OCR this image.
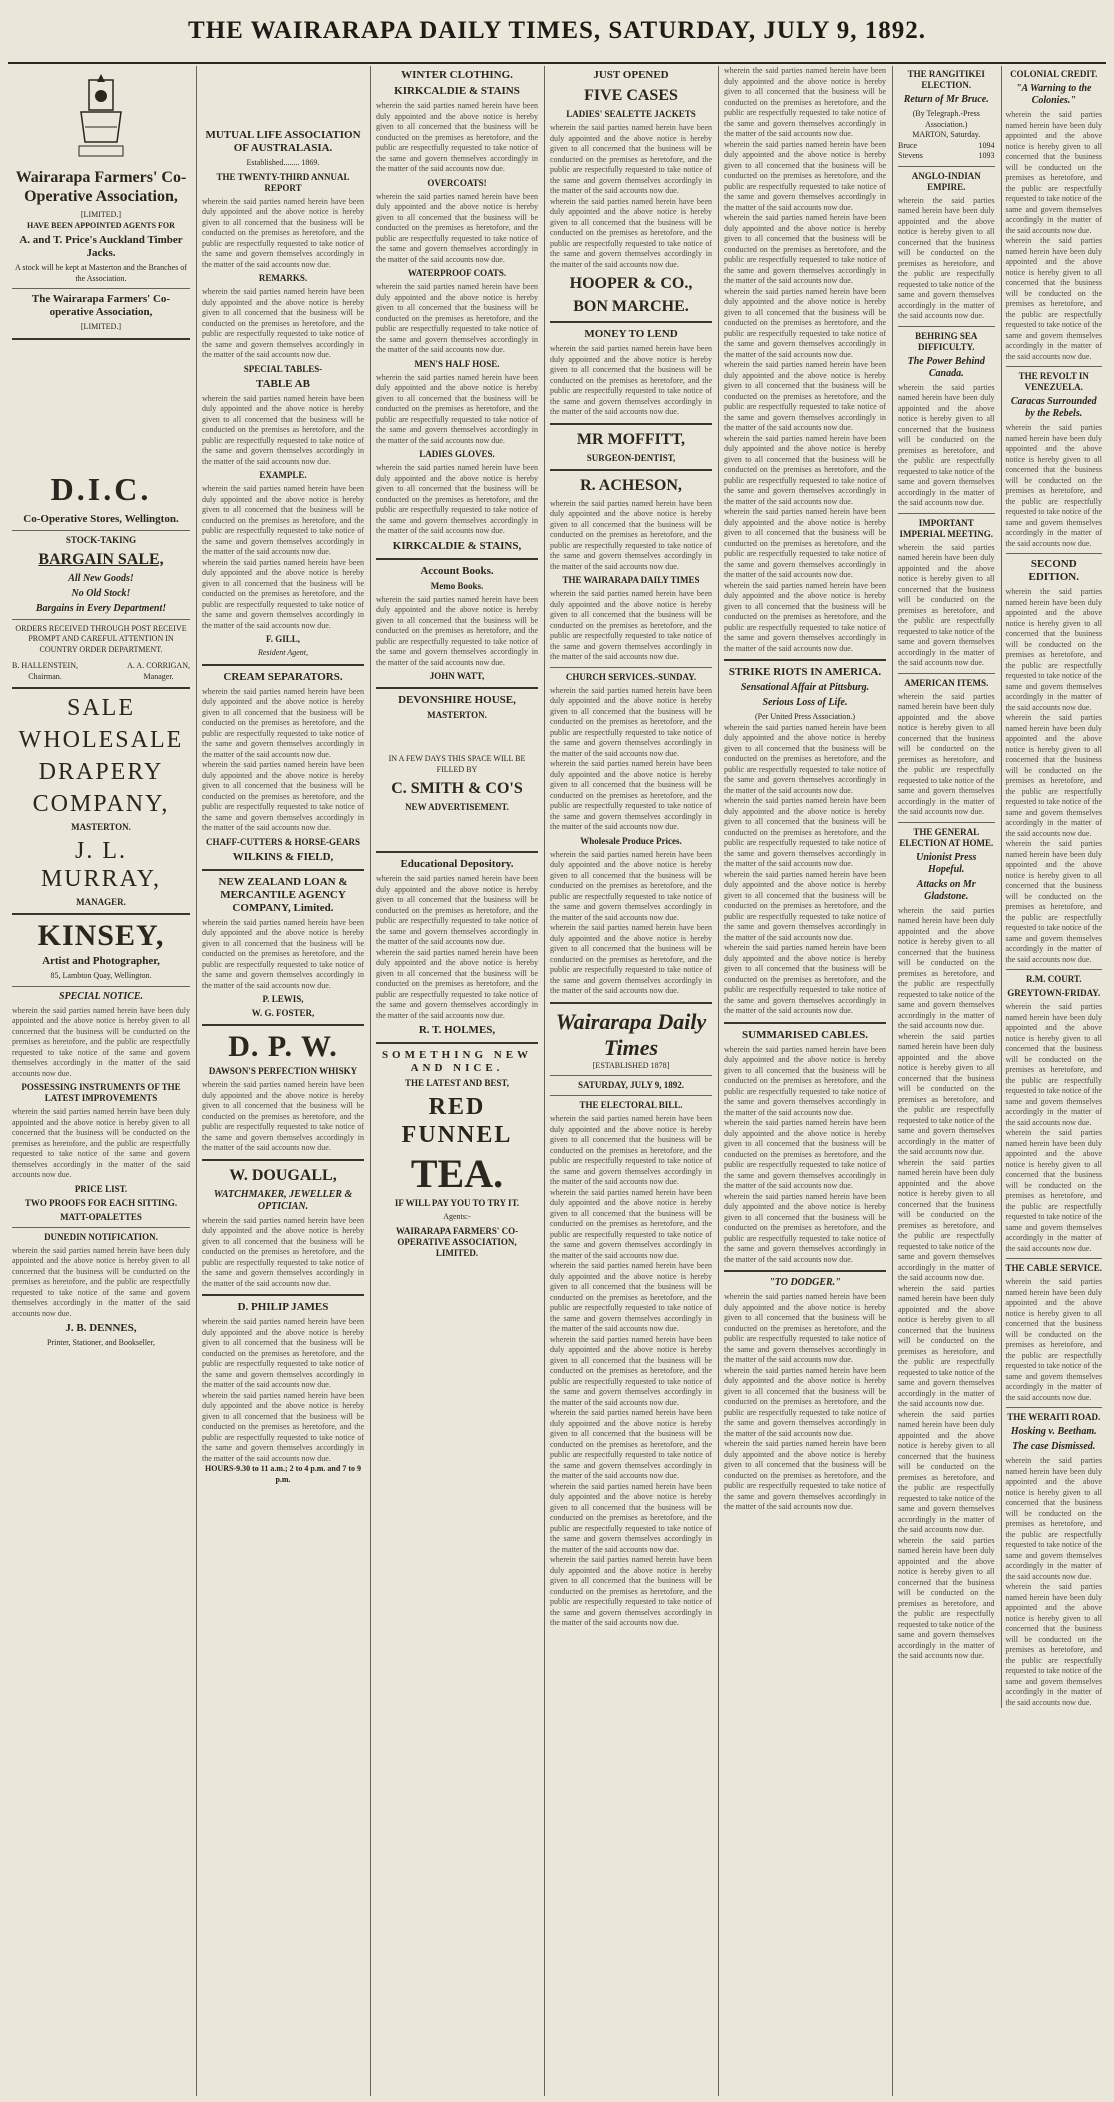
THE WAIRARAPA DAILY TIMES, SATURDAY, JULY 9, 1892.
Wairarapa Farmers' Co-Operative Association,
[LIMITED.]
HAVE BEEN APPOINTED AGENTS FOR
A. and T. Price's Auckland Timber Jacks.
A stock will be kept at Masterton and the Branches of the Association.
The Wairarapa Farmers' Co-operative Association,
[LIMITED.]
D.I.C.
Co-Operative Stores, Wellington.
STOCK-TAKING
BARGAIN SALE,
All New Goods!
No Old Stock!
Bargains in Every Department!
ORDERS RECEIVED THROUGH POST RECEIVE PROMPT AND CAREFUL ATTENTION IN COUNTRY ORDER DEPARTMENT.
B. HALLENSTEIN,
Chairman.
A. A. CORRIGAN,
Manager.
SALE
WHOLESALE
DRAPERY
COMPANY,
MASTERTON.
J. L. MURRAY,
MANAGER.
KINSEY,
Artist and Photographer,
85, Lambton Quay, Wellington.
SPECIAL NOTICE.
wherein the said parties named herein have been duly appointed and the above notice is hereby given to all concerned that the business will be conducted on the premises as heretofore, and the public are respectfully requested to take notice of the same and govern themselves accordingly in the matter of the said accounts now due.
POSSESSING INSTRUMENTS OF THE LATEST IMPROVEMENTS
wherein the said parties named herein have been duly appointed and the above notice is hereby given to all concerned that the business will be conducted on the premises as heretofore, and the public are respectfully requested to take notice of the same and govern themselves accordingly in the matter of the said accounts now due.
PRICE LIST.
TWO PROOFS FOR EACH SITTING.
MATT-OPALETTES
DUNEDIN NOTIFICATION.
wherein the said parties named herein have been duly appointed and the above notice is hereby given to all concerned that the business will be conducted on the premises as heretofore, and the public are respectfully requested to take notice of the same and govern themselves accordingly in the matter of the said accounts now due.
J. B. DENNES,
Printer, Stationer, and Bookseller,
MUTUAL LIFE ASSOCIATION OF AUSTRALASIA.
Established........ 1869.
THE TWENTY-THIRD ANNUAL REPORT
wherein the said parties named herein have been duly appointed and the above notice is hereby given to all concerned that the business will be conducted on the premises as heretofore, and the public are respectfully requested to take notice of the same and govern themselves accordingly in the matter of the said accounts now due.
REMARKS.
wherein the said parties named herein have been duly appointed and the above notice is hereby given to all concerned that the business will be conducted on the premises as heretofore, and the public are respectfully requested to take notice of the same and govern themselves accordingly in the matter of the said accounts now due.
SPECIAL TABLES-
TABLE AB
wherein the said parties named herein have been duly appointed and the above notice is hereby given to all concerned that the business will be conducted on the premises as heretofore, and the public are respectfully requested to take notice of the same and govern themselves accordingly in the matter of the said accounts now due.
EXAMPLE.
wherein the said parties named herein have been duly appointed and the above notice is hereby given to all concerned that the business will be conducted on the premises as heretofore, and the public are respectfully requested to take notice of the same and govern themselves accordingly in the matter of the said accounts now due.
wherein the said parties named herein have been duly appointed and the above notice is hereby given to all concerned that the business will be conducted on the premises as heretofore, and the public are respectfully requested to take notice of the same and govern themselves accordingly in the matter of the said accounts now due.
F. GILL,
Resident Agent,
CREAM SEPARATORS.
wherein the said parties named herein have been duly appointed and the above notice is hereby given to all concerned that the business will be conducted on the premises as heretofore, and the public are respectfully requested to take notice of the same and govern themselves accordingly in the matter of the said accounts now due.
wherein the said parties named herein have been duly appointed and the above notice is hereby given to all concerned that the business will be conducted on the premises as heretofore, and the public are respectfully requested to take notice of the same and govern themselves accordingly in the matter of the said accounts now due.
CHAFF-CUTTERS & HORSE-GEARS
WILKINS & FIELD,
NEW ZEALAND LOAN & MERCANTILE AGENCY COMPANY, Limited.
wherein the said parties named herein have been duly appointed and the above notice is hereby given to all concerned that the business will be conducted on the premises as heretofore, and the public are respectfully requested to take notice of the same and govern themselves accordingly in the matter of the said accounts now due.
P. LEWIS,
W. G. FOSTER,
D. P. W.
DAWSON'S PERFECTION WHISKY
wherein the said parties named herein have been duly appointed and the above notice is hereby given to all concerned that the business will be conducted on the premises as heretofore, and the public are respectfully requested to take notice of the same and govern themselves accordingly in the matter of the said accounts now due.
W. DOUGALL,
WATCHMAKER, JEWELLER & OPTICIAN.
wherein the said parties named herein have been duly appointed and the above notice is hereby given to all concerned that the business will be conducted on the premises as heretofore, and the public are respectfully requested to take notice of the same and govern themselves accordingly in the matter of the said accounts now due.
D. PHILIP JAMES
wherein the said parties named herein have been duly appointed and the above notice is hereby given to all concerned that the business will be conducted on the premises as heretofore, and the public are respectfully requested to take notice of the same and govern themselves accordingly in the matter of the said accounts now due.
wherein the said parties named herein have been duly appointed and the above notice is hereby given to all concerned that the business will be conducted on the premises as heretofore, and the public are respectfully requested to take notice of the same and govern themselves accordingly in the matter of the said accounts now due.
HOURS-9.30 to 11 a.m.; 2 to 4 p.m. and 7 to 9 p.m.
WINTER CLOTHING.
KIRKCALDIE & STAINS
wherein the said parties named herein have been duly appointed and the above notice is hereby given to all concerned that the business will be conducted on the premises as heretofore, and the public are respectfully requested to take notice of the same and govern themselves accordingly in the matter of the said accounts now due.
OVERCOATS!
wherein the said parties named herein have been duly appointed and the above notice is hereby given to all concerned that the business will be conducted on the premises as heretofore, and the public are respectfully requested to take notice of the same and govern themselves accordingly in the matter of the said accounts now due.
WATERPROOF COATS.
wherein the said parties named herein have been duly appointed and the above notice is hereby given to all concerned that the business will be conducted on the premises as heretofore, and the public are respectfully requested to take notice of the same and govern themselves accordingly in the matter of the said accounts now due.
MEN'S HALF HOSE.
wherein the said parties named herein have been duly appointed and the above notice is hereby given to all concerned that the business will be conducted on the premises as heretofore, and the public are respectfully requested to take notice of the same and govern themselves accordingly in the matter of the said accounts now due.
LADIES GLOVES.
wherein the said parties named herein have been duly appointed and the above notice is hereby given to all concerned that the business will be conducted on the premises as heretofore, and the public are respectfully requested to take notice of the same and govern themselves accordingly in the matter of the said accounts now due.
KIRKCALDIE & STAINS,
Account Books.
Memo Books.
wherein the said parties named herein have been duly appointed and the above notice is hereby given to all concerned that the business will be conducted on the premises as heretofore, and the public are respectfully requested to take notice of the same and govern themselves accordingly in the matter of the said accounts now due.
JOHN WATT,
DEVONSHIRE HOUSE,
MASTERTON.
IN A FEW DAYS THIS SPACE WILL BE FILLED BY
C. SMITH & CO'S
NEW ADVERTISEMENT.
Educational Depository.
wherein the said parties named herein have been duly appointed and the above notice is hereby given to all concerned that the business will be conducted on the premises as heretofore, and the public are respectfully requested to take notice of the same and govern themselves accordingly in the matter of the said accounts now due.
wherein the said parties named herein have been duly appointed and the above notice is hereby given to all concerned that the business will be conducted on the premises as heretofore, and the public are respectfully requested to take notice of the same and govern themselves accordingly in the matter of the said accounts now due.
R. T. HOLMES,
SOMETHING NEW AND NICE.
THE LATEST AND BEST,
RED FUNNEL
TEA.
IF WILL PAY YOU TO TRY IT.
Agents:-
WAIRARAPA FARMERS' CO-OPERATIVE ASSOCIATION, LIMITED.
JUST OPENED
FIVE CASES
LADIES' SEALETTE JACKETS
wherein the said parties named herein have been duly appointed and the above notice is hereby given to all concerned that the business will be conducted on the premises as heretofore, and the public are respectfully requested to take notice of the same and govern themselves accordingly in the matter of the said accounts now due.
wherein the said parties named herein have been duly appointed and the above notice is hereby given to all concerned that the business will be conducted on the premises as heretofore, and the public are respectfully requested to take notice of the same and govern themselves accordingly in the matter of the said accounts now due.
HOOPER & CO.,
BON MARCHE.
MONEY TO LEND
wherein the said parties named herein have been duly appointed and the above notice is hereby given to all concerned that the business will be conducted on the premises as heretofore, and the public are respectfully requested to take notice of the same and govern themselves accordingly in the matter of the said accounts now due.
MR MOFFITT,
SURGEON-DENTIST,
R. ACHESON,
wherein the said parties named herein have been duly appointed and the above notice is hereby given to all concerned that the business will be conducted on the premises as heretofore, and the public are respectfully requested to take notice of the same and govern themselves accordingly in the matter of the said accounts now due.
THE WAIRARAPA DAILY TIMES
wherein the said parties named herein have been duly appointed and the above notice is hereby given to all concerned that the business will be conducted on the premises as heretofore, and the public are respectfully requested to take notice of the same and govern themselves accordingly in the matter of the said accounts now due.
CHURCH SERVICES.-SUNDAY.
wherein the said parties named herein have been duly appointed and the above notice is hereby given to all concerned that the business will be conducted on the premises as heretofore, and the public are respectfully requested to take notice of the same and govern themselves accordingly in the matter of the said accounts now due.
wherein the said parties named herein have been duly appointed and the above notice is hereby given to all concerned that the business will be conducted on the premises as heretofore, and the public are respectfully requested to take notice of the same and govern themselves accordingly in the matter of the said accounts now due.
Wholesale Produce Prices.
wherein the said parties named herein have been duly appointed and the above notice is hereby given to all concerned that the business will be conducted on the premises as heretofore, and the public are respectfully requested to take notice of the same and govern themselves accordingly in the matter of the said accounts now due.
wherein the said parties named herein have been duly appointed and the above notice is hereby given to all concerned that the business will be conducted on the premises as heretofore, and the public are respectfully requested to take notice of the same and govern themselves accordingly in the matter of the said accounts now due.
Wairarapa Daily Times
[ESTABLISHED 1878]
SATURDAY, JULY 9, 1892.
THE ELECTORAL BILL.
wherein the said parties named herein have been duly appointed and the above notice is hereby given to all concerned that the business will be conducted on the premises as heretofore, and the public are respectfully requested to take notice of the same and govern themselves accordingly in the matter of the said accounts now due.
wherein the said parties named herein have been duly appointed and the above notice is hereby given to all concerned that the business will be conducted on the premises as heretofore, and the public are respectfully requested to take notice of the same and govern themselves accordingly in the matter of the said accounts now due.
wherein the said parties named herein have been duly appointed and the above notice is hereby given to all concerned that the business will be conducted on the premises as heretofore, and the public are respectfully requested to take notice of the same and govern themselves accordingly in the matter of the said accounts now due.
wherein the said parties named herein have been duly appointed and the above notice is hereby given to all concerned that the business will be conducted on the premises as heretofore, and the public are respectfully requested to take notice of the same and govern themselves accordingly in the matter of the said accounts now due.
wherein the said parties named herein have been duly appointed and the above notice is hereby given to all concerned that the business will be conducted on the premises as heretofore, and the public are respectfully requested to take notice of the same and govern themselves accordingly in the matter of the said accounts now due.
wherein the said parties named herein have been duly appointed and the above notice is hereby given to all concerned that the business will be conducted on the premises as heretofore, and the public are respectfully requested to take notice of the same and govern themselves accordingly in the matter of the said accounts now due.
wherein the said parties named herein have been duly appointed and the above notice is hereby given to all concerned that the business will be conducted on the premises as heretofore, and the public are respectfully requested to take notice of the same and govern themselves accordingly in the matter of the said accounts now due.
wherein the said parties named herein have been duly appointed and the above notice is hereby given to all concerned that the business will be conducted on the premises as heretofore, and the public are respectfully requested to take notice of the same and govern themselves accordingly in the matter of the said accounts now due.
wherein the said parties named herein have been duly appointed and the above notice is hereby given to all concerned that the business will be conducted on the premises as heretofore, and the public are respectfully requested to take notice of the same and govern themselves accordingly in the matter of the said accounts now due.
wherein the said parties named herein have been duly appointed and the above notice is hereby given to all concerned that the business will be conducted on the premises as heretofore, and the public are respectfully requested to take notice of the same and govern themselves accordingly in the matter of the said accounts now due.
wherein the said parties named herein have been duly appointed and the above notice is hereby given to all concerned that the business will be conducted on the premises as heretofore, and the public are respectfully requested to take notice of the same and govern themselves accordingly in the matter of the said accounts now due.
wherein the said parties named herein have been duly appointed and the above notice is hereby given to all concerned that the business will be conducted on the premises as heretofore, and the public are respectfully requested to take notice of the same and govern themselves accordingly in the matter of the said accounts now due.
wherein the said parties named herein have been duly appointed and the above notice is hereby given to all concerned that the business will be conducted on the premises as heretofore, and the public are respectfully requested to take notice of the same and govern themselves accordingly in the matter of the said accounts now due.
wherein the said parties named herein have been duly appointed and the above notice is hereby given to all concerned that the business will be conducted on the premises as heretofore, and the public are respectfully requested to take notice of the same and govern themselves accordingly in the matter of the said accounts now due.
wherein the said parties named herein have been duly appointed and the above notice is hereby given to all concerned that the business will be conducted on the premises as heretofore, and the public are respectfully requested to take notice of the same and govern themselves accordingly in the matter of the said accounts now due.
STRIKE RIOTS IN AMERICA.
Sensational Affair at Pittsburg.
Serious Loss of Life.
(Per United Press Association.)
wherein the said parties named herein have been duly appointed and the above notice is hereby given to all concerned that the business will be conducted on the premises as heretofore, and the public are respectfully requested to take notice of the same and govern themselves accordingly in the matter of the said accounts now due.
wherein the said parties named herein have been duly appointed and the above notice is hereby given to all concerned that the business will be conducted on the premises as heretofore, and the public are respectfully requested to take notice of the same and govern themselves accordingly in the matter of the said accounts now due.
wherein the said parties named herein have been duly appointed and the above notice is hereby given to all concerned that the business will be conducted on the premises as heretofore, and the public are respectfully requested to take notice of the same and govern themselves accordingly in the matter of the said accounts now due.
wherein the said parties named herein have been duly appointed and the above notice is hereby given to all concerned that the business will be conducted on the premises as heretofore, and the public are respectfully requested to take notice of the same and govern themselves accordingly in the matter of the said accounts now due.
SUMMARISED CABLES.
wherein the said parties named herein have been duly appointed and the above notice is hereby given to all concerned that the business will be conducted on the premises as heretofore, and the public are respectfully requested to take notice of the same and govern themselves accordingly in the matter of the said accounts now due.
wherein the said parties named herein have been duly appointed and the above notice is hereby given to all concerned that the business will be conducted on the premises as heretofore, and the public are respectfully requested to take notice of the same and govern themselves accordingly in the matter of the said accounts now due.
wherein the said parties named herein have been duly appointed and the above notice is hereby given to all concerned that the business will be conducted on the premises as heretofore, and the public are respectfully requested to take notice of the same and govern themselves accordingly in the matter of the said accounts now due.
"TO DODGER."
wherein the said parties named herein have been duly appointed and the above notice is hereby given to all concerned that the business will be conducted on the premises as heretofore, and the public are respectfully requested to take notice of the same and govern themselves accordingly in the matter of the said accounts now due.
wherein the said parties named herein have been duly appointed and the above notice is hereby given to all concerned that the business will be conducted on the premises as heretofore, and the public are respectfully requested to take notice of the same and govern themselves accordingly in the matter of the said accounts now due.
wherein the said parties named herein have been duly appointed and the above notice is hereby given to all concerned that the business will be conducted on the premises as heretofore, and the public are respectfully requested to take notice of the same and govern themselves accordingly in the matter of the said accounts now due.
THE RANGITIKEI ELECTION.
Return of Mr Bruce.
(By Telegraph.-Press Association.)
MARTON, Saturday.
Bruce	1094
Stevens	1093
ANGLO-INDIAN EMPIRE.
wherein the said parties named herein have been duly appointed and the above notice is hereby given to all concerned that the business will be conducted on the premises as heretofore, and the public are respectfully requested to take notice of the same and govern themselves accordingly in the matter of the said accounts now due.
BEHRING SEA DIFFICULTY.
The Power Behind Canada.
wherein the said parties named herein have been duly appointed and the above notice is hereby given to all concerned that the business will be conducted on the premises as heretofore, and the public are respectfully requested to take notice of the same and govern themselves accordingly in the matter of the said accounts now due.
IMPORTANT IMPERIAL MEETING.
wherein the said parties named herein have been duly appointed and the above notice is hereby given to all concerned that the business will be conducted on the premises as heretofore, and the public are respectfully requested to take notice of the same and govern themselves accordingly in the matter of the said accounts now due.
AMERICAN ITEMS.
wherein the said parties named herein have been duly appointed and the above notice is hereby given to all concerned that the business will be conducted on the premises as heretofore, and the public are respectfully requested to take notice of the same and govern themselves accordingly in the matter of the said accounts now due.
THE GENERAL ELECTION AT HOME.
Unionist Press Hopeful.
Attacks on Mr Gladstone.
wherein the said parties named herein have been duly appointed and the above notice is hereby given to all concerned that the business will be conducted on the premises as heretofore, and the public are respectfully requested to take notice of the same and govern themselves accordingly in the matter of the said accounts now due.
wherein the said parties named herein have been duly appointed and the above notice is hereby given to all concerned that the business will be conducted on the premises as heretofore, and the public are respectfully requested to take notice of the same and govern themselves accordingly in the matter of the said accounts now due.
wherein the said parties named herein have been duly appointed and the above notice is hereby given to all concerned that the business will be conducted on the premises as heretofore, and the public are respectfully requested to take notice of the same and govern themselves accordingly in the matter of the said accounts now due.
wherein the said parties named herein have been duly appointed and the above notice is hereby given to all concerned that the business will be conducted on the premises as heretofore, and the public are respectfully requested to take notice of the same and govern themselves accordingly in the matter of the said accounts now due.
wherein the said parties named herein have been duly appointed and the above notice is hereby given to all concerned that the business will be conducted on the premises as heretofore, and the public are respectfully requested to take notice of the same and govern themselves accordingly in the matter of the said accounts now due.
wherein the said parties named herein have been duly appointed and the above notice is hereby given to all concerned that the business will be conducted on the premises as heretofore, and the public are respectfully requested to take notice of the same and govern themselves accordingly in the matter of the said accounts now due.
COLONIAL CREDIT.
"A Warning to the Colonies."
wherein the said parties named herein have been duly appointed and the above notice is hereby given to all concerned that the business will be conducted on the premises as heretofore, and the public are respectfully requested to take notice of the same and govern themselves accordingly in the matter of the said accounts now due.
wherein the said parties named herein have been duly appointed and the above notice is hereby given to all concerned that the business will be conducted on the premises as heretofore, and the public are respectfully requested to take notice of the same and govern themselves accordingly in the matter of the said accounts now due.
THE REVOLT IN VENEZUELA.
Caracas Surrounded by the Rebels.
wherein the said parties named herein have been duly appointed and the above notice is hereby given to all concerned that the business will be conducted on the premises as heretofore, and the public are respectfully requested to take notice of the same and govern themselves accordingly in the matter of the said accounts now due.
SECOND EDITION.
wherein the said parties named herein have been duly appointed and the above notice is hereby given to all concerned that the business will be conducted on the premises as heretofore, and the public are respectfully requested to take notice of the same and govern themselves accordingly in the matter of the said accounts now due.
wherein the said parties named herein have been duly appointed and the above notice is hereby given to all concerned that the business will be conducted on the premises as heretofore, and the public are respectfully requested to take notice of the same and govern themselves accordingly in the matter of the said accounts now due.
wherein the said parties named herein have been duly appointed and the above notice is hereby given to all concerned that the business will be conducted on the premises as heretofore, and the public are respectfully requested to take notice of the same and govern themselves accordingly in the matter of the said accounts now due.
R.M. COURT.
GREYTOWN-FRIDAY.
wherein the said parties named herein have been duly appointed and the above notice is hereby given to all concerned that the business will be conducted on the premises as heretofore, and the public are respectfully requested to take notice of the same and govern themselves accordingly in the matter of the said accounts now due.
wherein the said parties named herein have been duly appointed and the above notice is hereby given to all concerned that the business will be conducted on the premises as heretofore, and the public are respectfully requested to take notice of the same and govern themselves accordingly in the matter of the said accounts now due.
THE CABLE SERVICE.
wherein the said parties named herein have been duly appointed and the above notice is hereby given to all concerned that the business will be conducted on the premises as heretofore, and the public are respectfully requested to take notice of the same and govern themselves accordingly in the matter of the said accounts now due.
THE WERAITI ROAD.
Hosking v. Beetham.
The case Dismissed.
wherein the said parties named herein have been duly appointed and the above notice is hereby given to all concerned that the business will be conducted on the premises as heretofore, and the public are respectfully requested to take notice of the same and govern themselves accordingly in the matter of the said accounts now due.
wherein the said parties named herein have been duly appointed and the above notice is hereby given to all concerned that the business will be conducted on the premises as heretofore, and the public are respectfully requested to take notice of the same and govern themselves accordingly in the matter of the said accounts now due.
